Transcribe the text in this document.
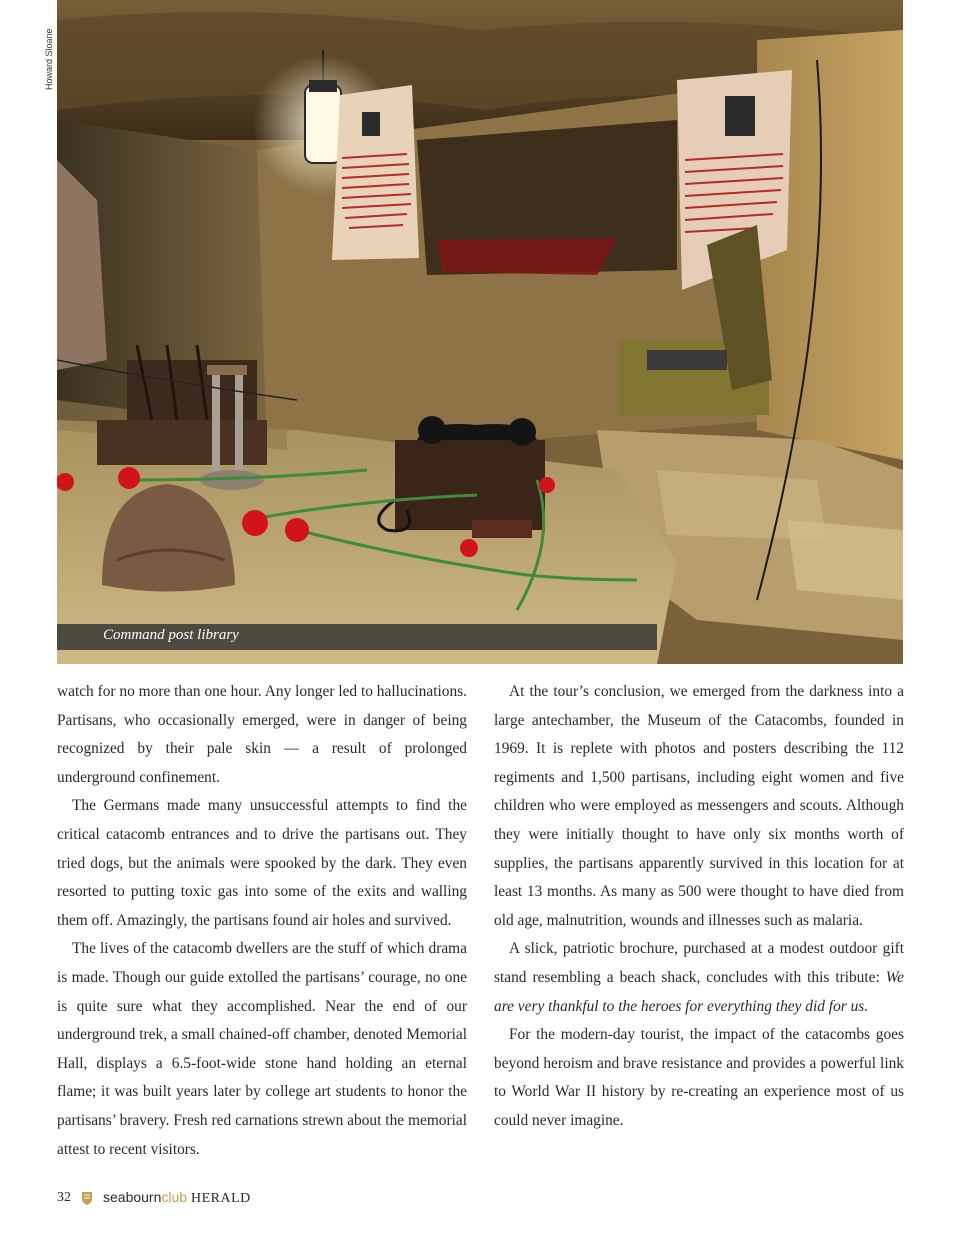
Howard Sloane
Command post library

watch for no more than one hour. Any longer led to hallucinations. Partisans, who occasionally emerged, were in danger of being recognized by their pale skin — a result of prolonged underground confinement.

The Germans made many unsuccessful attempts to find the critical catacomb entrances and to drive the partisans out. They tried dogs, but the animals were spooked by the dark. They even resorted to putting toxic gas into some of the exits and walling them off. Amazingly, the partisans found air holes and survived.

The lives of the catacomb dwellers are the stuff of which drama is made. Though our guide extolled the partisans’ courage, no one is quite sure what they accomplished. Near the end of our underground trek, a small chained-off chamber, denoted Memorial Hall, displays a 6.5-foot-wide stone hand holding an eternal flame; it was built years later by college art students to honor the partisans’ bravery. Fresh red carnations strewn about the memorial attest to recent visitors.

At the tour’s conclusion, we emerged from the darkness into a large antechamber, the Museum of the Catacombs, founded in 1969. It is replete with photos and posters describing the 112 regiments and 1,500 partisans, including eight women and five children who were employed as messengers and scouts. Although they were initially thought to have only six months worth of supplies, the partisans apparently survived in this location for at least 13 months. As many as 500 were thought to have died from old age, malnutrition, wounds and illnesses such as malaria.

A slick, patriotic brochure, purchased at a modest outdoor gift stand resembling a beach shack, concludes with this tribute: We are very thankful to the heroes for everything they did for us.

For the modern-day tourist, the impact of the catacombs goes beyond heroism and brave resistance and provides a powerful link to World War II history by re-creating an experience most of us could never imagine.

32 seabournclub HERALD
